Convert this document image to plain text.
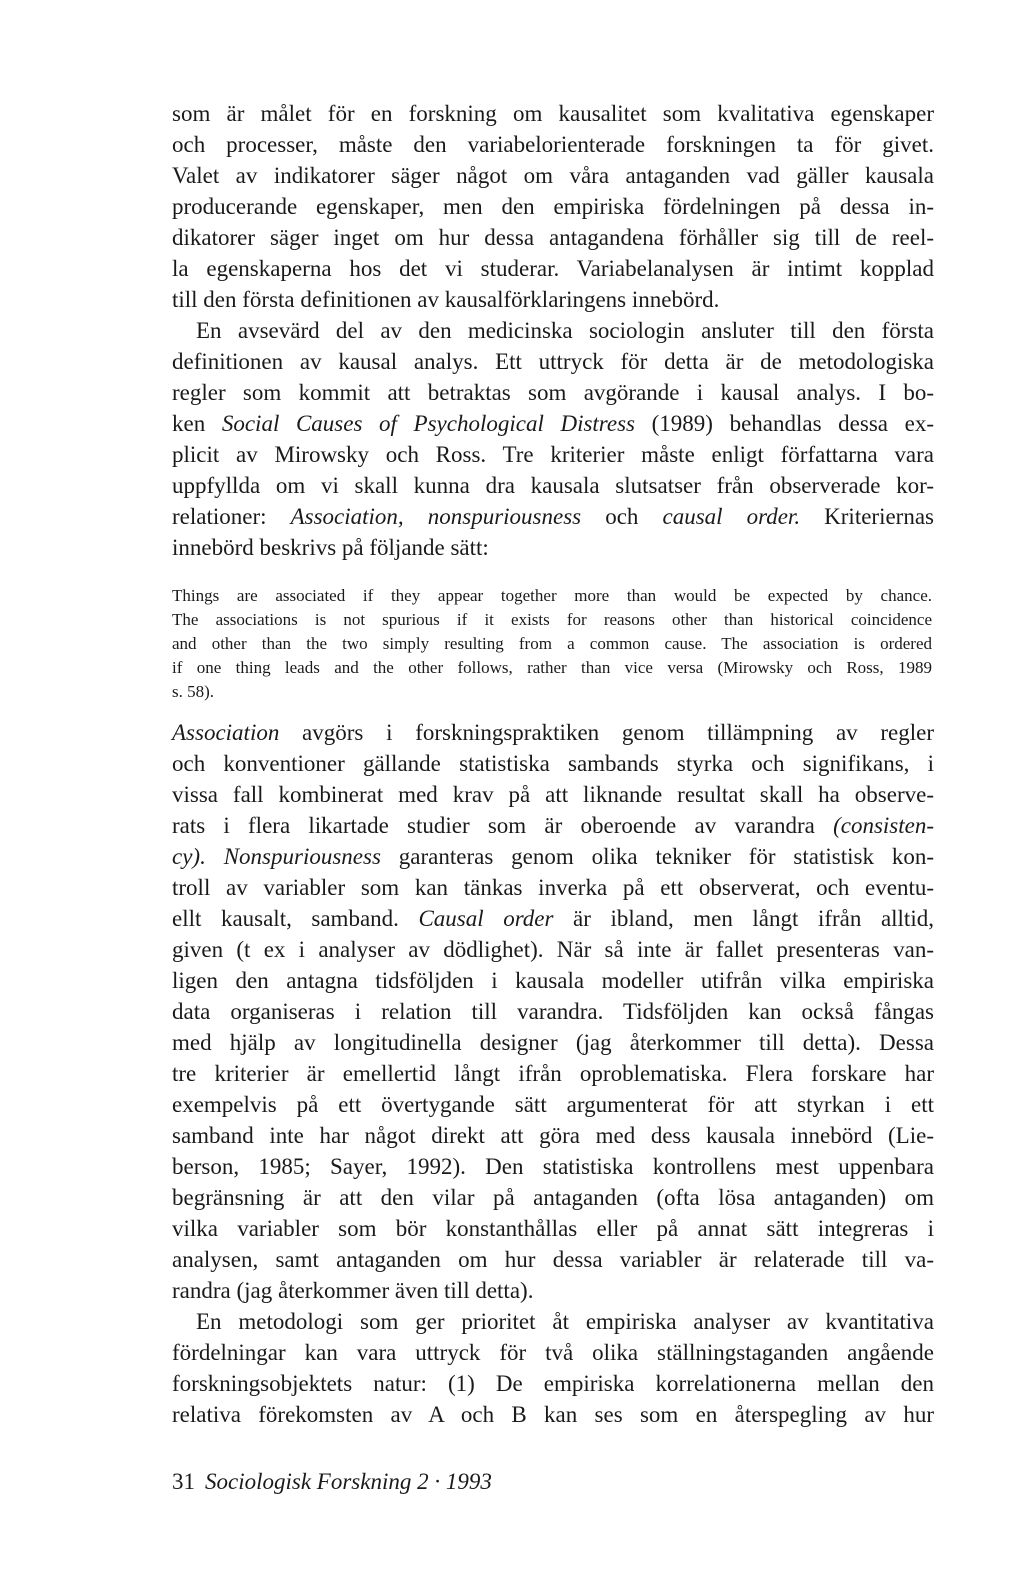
som är målet för en forskning om kausalitet som kvalitativa egenskaper
och processer, måste den variabelorienterade forskningen ta för givet.
Valet av indikatorer säger något om våra antaganden vad gäller kausala
producerande egenskaper, men den empiriska fördelningen på dessa in-
dikatorer säger inget om hur dessa antagandena förhåller sig till de reel-
la egenskaperna hos det vi studerar. Variabelanalysen är intimt kopplad
till den första definitionen av kausalförklaringens innebörd.
En avsevärd del av den medicinska sociologin ansluter till den första
definitionen av kausal analys. Ett uttryck för detta är de metodologiska
regler som kommit att betraktas som avgörande i kausal analys. I bo-
ken Social Causes of Psychological Distress (1989) behandlas dessa ex-
plicit av Mirowsky och Ross. Tre kriterier måste enligt författarna vara
uppfyllda om vi skall kunna dra kausala slutsatser från observerade kor-
relationer: Association, nonspuriousness och causal order. Kriteriernas
innebörd beskrivs på följande sätt:
Things are associated if they appear together more than would be expected by chance.
The associations is not spurious if it exists for reasons other than historical coincidence
and other than the two simply resulting from a common cause. The association is ordered
if one thing leads and the other follows, rather than vice versa (Mirowsky och Ross, 1989
s. 58).
Association avgörs i forskningspraktiken genom tillämpning av regler
och konventioner gällande statistiska sambands styrka och signifikans, i
vissa fall kombinerat med krav på att liknande resultat skall ha observe-
rats i flera likartade studier som är oberoende av varandra (consisten-
cy). Nonspuriousness garanteras genom olika tekniker för statistisk kon-
troll av variabler som kan tänkas inverka på ett observerat, och eventu-
ellt kausalt, samband. Causal order är ibland, men långt ifrån alltid,
given (t ex i analyser av dödlighet). När så inte är fallet presenteras van-
ligen den antagna tidsföljden i kausala modeller utifrån vilka empiriska
data organiseras i relation till varandra. Tidsföljden kan också fångas
med hjälp av longitudinella designer (jag återkommer till detta). Dessa
tre kriterier är emellertid långt ifrån oproblematiska. Flera forskare har
exempelvis på ett övertygande sätt argumenterat för att styrkan i ett
samband inte har något direkt att göra med dess kausala innebörd (Lie-
berson, 1985; Sayer, 1992). Den statistiska kontrollens mest uppenbara
begränsning är att den vilar på antaganden (ofta lösa antaganden) om
vilka variabler som bör konstanthållas eller på annat sätt integreras i
analysen, samt antaganden om hur dessa variabler är relaterade till va-
randra (jag återkommer även till detta).
En metodologi som ger prioritet åt empiriska analyser av kvantitativa
fördelningar kan vara uttryck för två olika ställningstaganden angående
forskningsobjektets natur: (1) De empiriska korrelationerna mellan den
relativa förekomsten av A och B kan ses som en återspegling av hur
31 Sociologisk Forskning 2 · 1993
